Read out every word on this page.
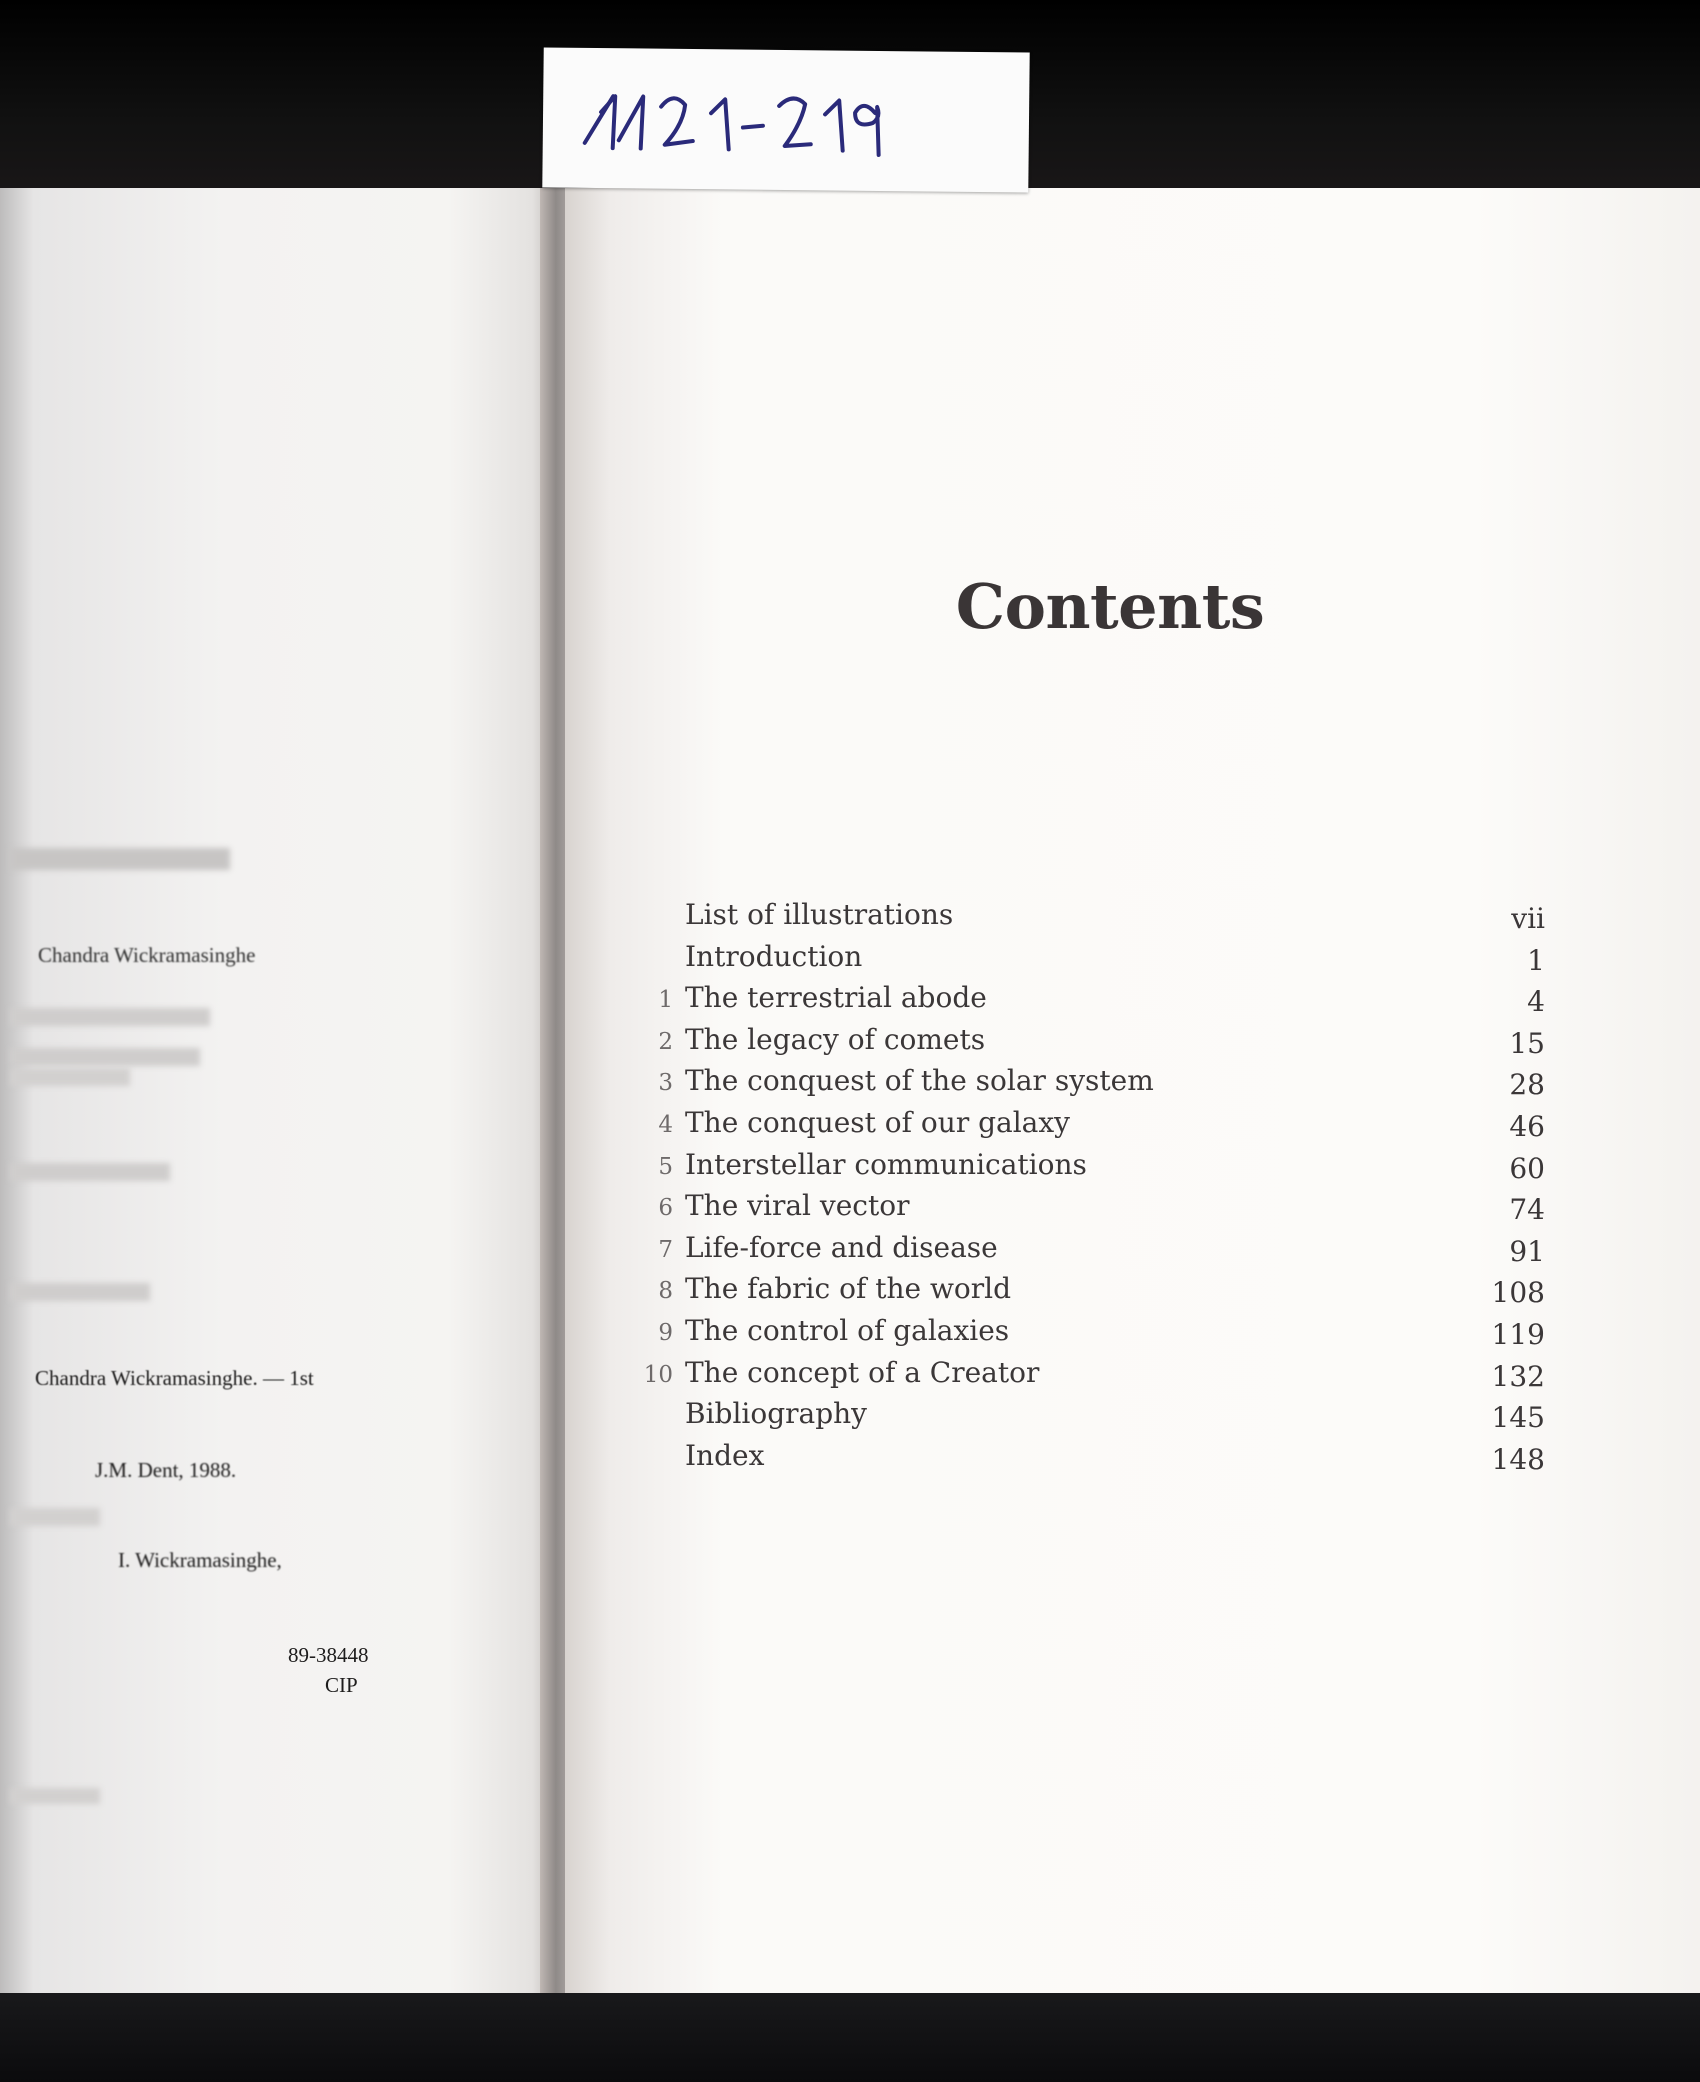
Chandra Wickramasinghe
Chandra Wickramasinghe. — 1st
J.M. Dent, 1988.
I. Wickramasinghe,
89-38448
CIP
Contents
List of illustrations	vii
Introduction	1
1 The terrestrial abode	4
2 The legacy of comets	15
3 The conquest of the solar system	28
4 The conquest of our galaxy	46
5 Interstellar communications	60
6 The viral vector	74
7 Life-force and disease	91
8 The fabric of the world	108
9 The control of galaxies	119
10 The concept of a Creator	132
Bibliography	145
Index	148
